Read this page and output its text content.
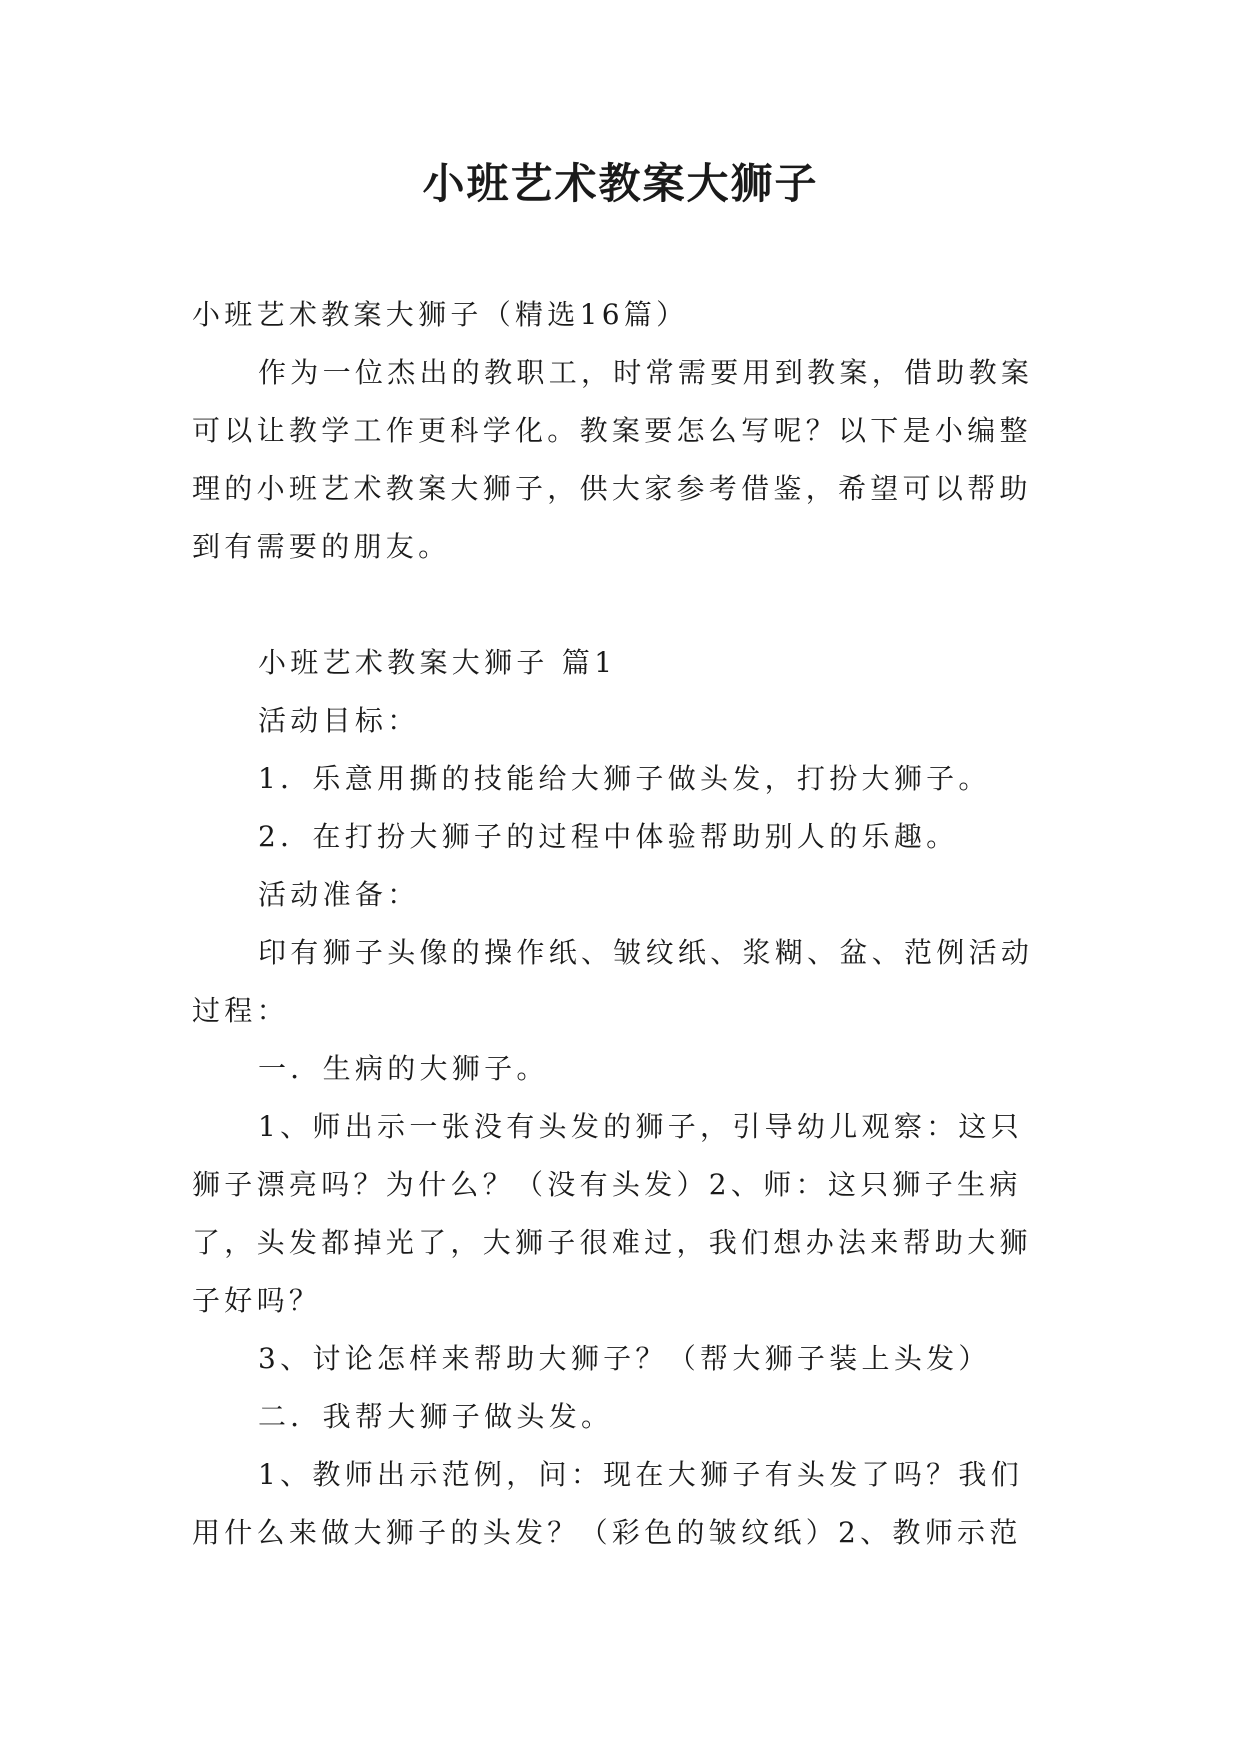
小班艺术教案大狮子

小班艺术教案大狮子（精选16篇）

作为一位杰出的教职工，时常需要用到教案，借助教案可以让教学工作更科学化。教案要怎么写呢？以下是小编整理的小班艺术教案大狮子，供大家参考借鉴，希望可以帮助到有需要的朋友。

小班艺术教案大狮子 篇1

活动目标：

1．乐意用撕的技能给大狮子做头发，打扮大狮子。

2．在打扮大狮子的过程中体验帮助别人的乐趣。

活动准备：

印有狮子头像的操作纸、皱纹纸、浆糊、盆、范例活动过程：

一．生病的大狮子。

1、师出示一张没有头发的狮子，引导幼儿观察：这只狮子漂亮吗？为什么？（没有头发）2、师：这只狮子生病了，头发都掉光了，大狮子很难过，我们想办法来帮助大狮子好吗？

3、讨论怎样来帮助大狮子？（帮大狮子装上头发）

二．我帮大狮子做头发。

1、教师出示范例，问：现在大狮子有头发了吗？我们用什么来做大狮子的头发？（彩色的皱纹纸）2、教师示范
